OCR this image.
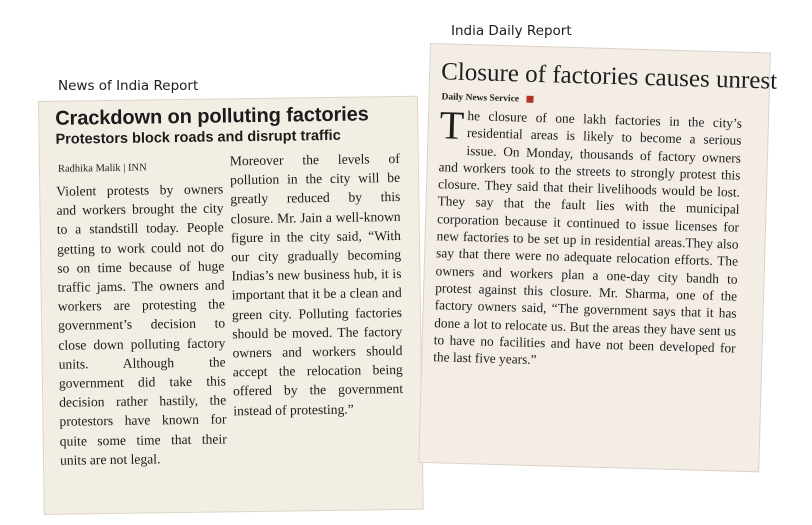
News of India Report
India Daily Report
Crackdown on polluting factories
Protestors block roads and disrupt traffic
Radhika Malik | INN
Violent protests by owners and workers brought the city to a standstill today. People getting to work could not do so on time because of huge traffic jams. The owners and workers are protesting the government’s decision to close down polluting factory units. Although the government did take this decision rather hastily, the protestors have known for quite some time that their units are not legal.
Moreover the levels of pollution in the city will be greatly reduced by this closure. Mr. Jain a well-known figure in the city said, “With our city gradually becoming Indias’s new business hub, it is important that it be a clean and green city. Polluting factories should be moved. The factory owners and workers should accept the relocation being offered by the government instead of protesting.”
Closure of factories causes unrest
Daily News Service
The closure of one lakh factories in the city’s residential areas is likely to become a serious issue. On Monday, thousands of factory owners and workers took to the streets to strongly protest this closure. They said that their livelihoods would be lost. They say that the fault lies with the municipal corporation because it continued to issue licenses for new factories to be set up in residential areas.They also say that there were no adequate relocation efforts. The owners and workers plan a one-day city bandh to protest against this closure. Mr. Sharma, one of the factory owners said, “The government says that it has done a lot to relocate us. But the areas they have sent us to have no facilities and have not been developed for the last five years.”
